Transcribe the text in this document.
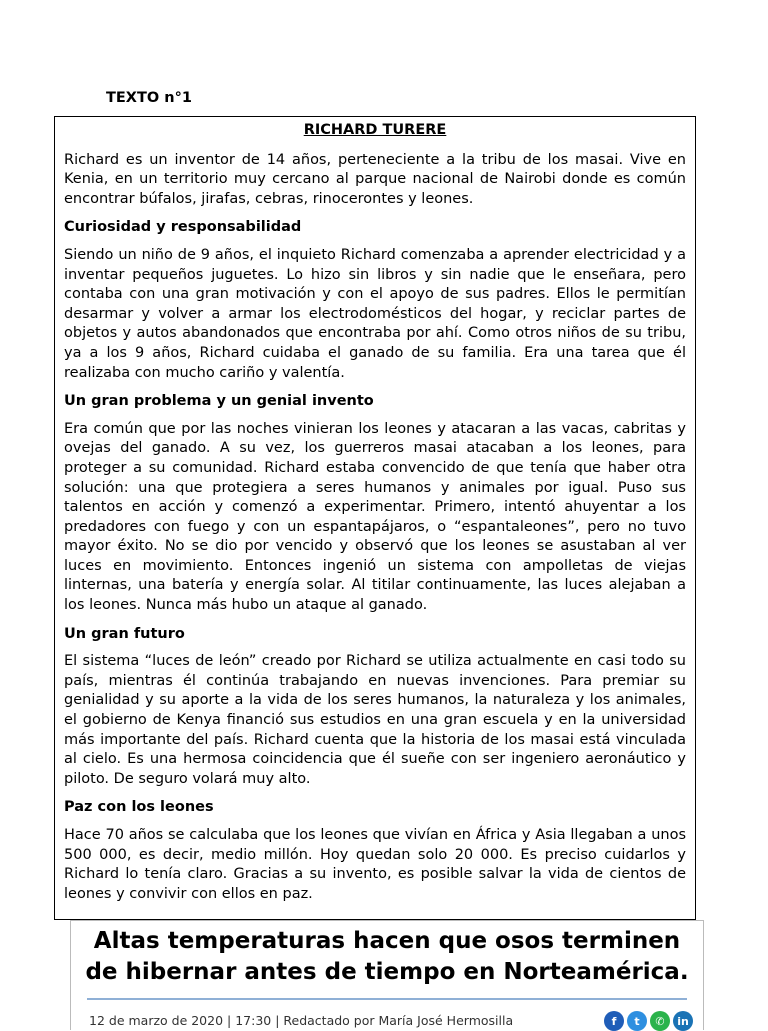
TEXTO n°1
RICHARD TURERE

Richard es un inventor de 14 años, perteneciente a la tribu de los masai. Vive en Kenia, en un territorio muy cercano al parque nacional de Nairobi donde es común encontrar búfalos, jirafas, cebras, rinocerontes y leones.

Curiosidad y responsabilidad

Siendo un niño de 9 años, el inquieto Richard comenzaba a aprender electricidad y a inventar pequeños juguetes. Lo hizo sin libros y sin nadie que le enseñara, pero contaba con una gran motivación y con el apoyo de sus padres. Ellos le permitían desarmar y volver a armar los electrodomésticos del hogar, y reciclar partes de objetos y autos abandonados que encontraba por ahí. Como otros niños de su tribu, ya a los 9 años, Richard cuidaba el ganado de su familia. Era una tarea que él realizaba con mucho cariño y valentía.

Un gran problema y un genial invento

Era común que por las noches vinieran los leones y atacaran a las vacas, cabritas y ovejas del ganado. A su vez, los guerreros masai atacaban a los leones, para proteger a su comunidad. Richard estaba convencido de que tenía que haber otra solución: una que protegiera a seres humanos y animales por igual. Puso sus talentos en acción y comenzó a experimentar. Primero, intentó ahuyentar a los predadores con fuego y con un espantapájaros, o “espantaleones”, pero no tuvo mayor éxito. No se dio por vencido y observó que los leones se asustaban al ver luces en movimiento. Entonces ingenió un sistema con ampolletas de viejas linternas, una batería y energía solar. Al titilar continuamente, las luces alejaban a los leones. Nunca más hubo un ataque al ganado.

Un gran futuro

El sistema “luces de león” creado por Richard se utiliza actualmente en casi todo su país, mientras él continúa trabajando en nuevas invenciones. Para premiar su genialidad y su aporte a la vida de los seres humanos, la naturaleza y los animales, el gobierno de Kenya financió sus estudios en una gran escuela y en la universidad más importante del país. Richard cuenta que la historia de los masai está vinculada al cielo. Es una hermosa coincidencia que él sueñe con ser ingeniero aeronáutico y piloto. De seguro volará muy alto.

Paz con los leones

Hace 70 años se calculaba que los leones que vivían en África y Asia llegaban a unos 500 000, es decir, medio millón. Hoy quedan solo 20 000. Es preciso cuidarlos y Richard lo tenía claro. Gracias a su invento, es posible salvar la vida de cientos de leones y convivir con ellos en paz.

Altas temperaturas hacen que osos terminen de hibernar antes de tiempo en Norteamérica.
12 de marzo de 2020 | 17:30 | Redactado por María José Hermosilla	f	t	✆	in
